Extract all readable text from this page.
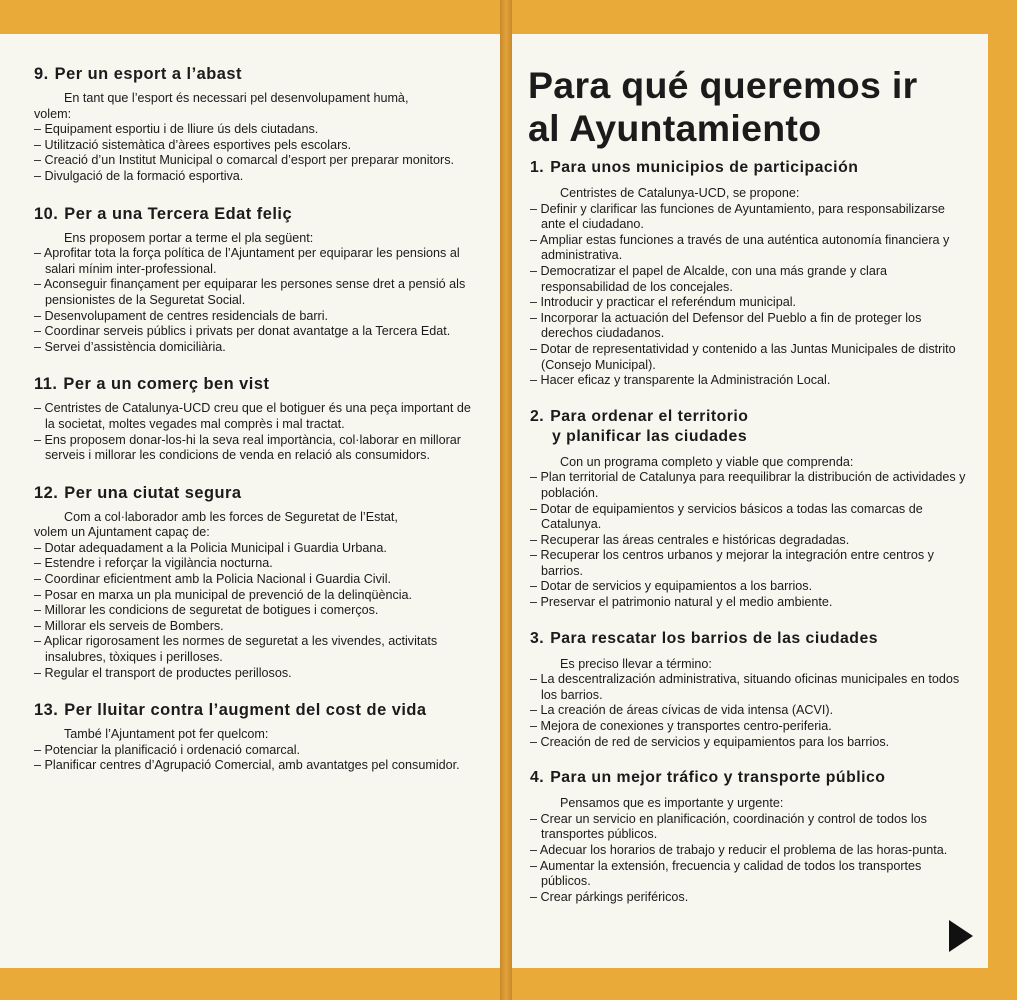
9. Per un esport a l’abast

En tant que l’esport és necessari pel desenvolupament humà,
volem:

– Equipament esportiu i de lliure ús dels ciutadans.
– Utilització sistemàtica d’àrees esportives pels escolars.
– Creació d’un Institut Municipal o comarcal d’esport per preparar monitors.
– Divulgació de la formació esportiva.
10. Per a una Tercera Edat feliç

Ens proposem portar a terme el pla següent:

– Aprofitar tota la força política de l’Ajuntament per equiparar les pensions al salari mínim inter-professional.
– Aconseguir finançament per equiparar les persones sense dret a pensió als pensionistes de la Seguretat Social.
– Desenvolupament de centres residencials de barri.
– Coordinar serveis públics i privats per donat avantatge a la Tercera Edat.
– Servei d’assistència domiciliària.
11. Per a un comerç ben vist
– Centristes de Catalunya-UCD creu que el botiguer és una peça important de la societat, moltes vegades mal comprès i mal tractat.
– Ens proposem donar-los-hi la seva real importància, col·laborar en millorar serveis i millorar les condicions de venda en relació als consumidors.
12. Per una ciutat segura

Com a col·laborador amb les forces de Seguretat de l’Estat,
volem un Ajuntament capaç de:

– Dotar adequadament a la Policia Municipal i Guardia Urbana.
– Estendre i reforçar la vigilància nocturna.
– Coordinar eficientment amb la Policia Nacional i Guardia Civil.
– Posar en marxa un pla municipal de prevenció de la delinqüència.
– Millorar les condicions de seguretat de botigues i comerços.
– Millorar els serveis de Bombers.
– Aplicar rigorosament les normes de seguretat a les vivendes, activitats insalubres, tòxiques i perilloses.
– Regular el transport de productes perillosos.
13. Per lluitar contra l’augment del cost de vida

També l’Ajuntament pot fer quelcom:

– Potenciar la planificació i ordenació comarcal.
– Planificar centres d’Agrupació Comercial, amb avantatges pel consumidor.
Para qué queremos ir
al Ayuntamiento
1. Para unos municipios de participación

Centristes de Catalunya-UCD, se propone:

– Definir y clarificar las funciones de Ayuntamiento, para responsabilizarse ante el ciudadano.
– Ampliar estas funciones a través de una auténtica autonomía financiera y administrativa.
– Democratizar el papel de Alcalde, con una más grande y clara responsabilidad de los concejales.
– Introducir y practicar el referéndum municipal.
– Incorporar la actuación del Defensor del Pueblo a fin de proteger los derechos ciudadanos.
– Dotar de representatividad y contenido a las Juntas Municipales de distrito (Consejo Municipal).
– Hacer eficaz y transparente la Administración Local.
2. Para ordenar el territorio
y planificar las ciudades

Con un programa completo y viable que comprenda:

– Plan territorial de Catalunya para reequilibrar la distribución de actividades y población.
– Dotar de equipamientos y servicios básicos a todas las comarcas de Catalunya.
– Recuperar las áreas centrales e históricas degradadas.
– Recuperar los centros urbanos y mejorar la integración entre centros y barrios.
– Dotar de servicios y equipamientos a los barrios.
– Preservar el patrimonio natural y el medio ambiente.
3. Para rescatar los barrios de las ciudades

Es preciso llevar a término:

– La descentralización administrativa, situando oficinas municipales en todos los barrios.
– La creación de áreas cívicas de vida intensa (ACVI).
– Mejora de conexiones y transportes centro-periferia.
– Creación de red de servicios y equipamientos para los barrios.
4. Para un mejor tráfico y transporte público

Pensamos que es importante y urgente:

– Crear un servicio en planificación, coordinación y control de todos los transportes públicos.
– Adecuar los horarios de trabajo y reducir el problema de las horas-punta.
– Aumentar la extensión, frecuencia y calidad de todos los transportes públicos.
– Crear párkings periféricos.
